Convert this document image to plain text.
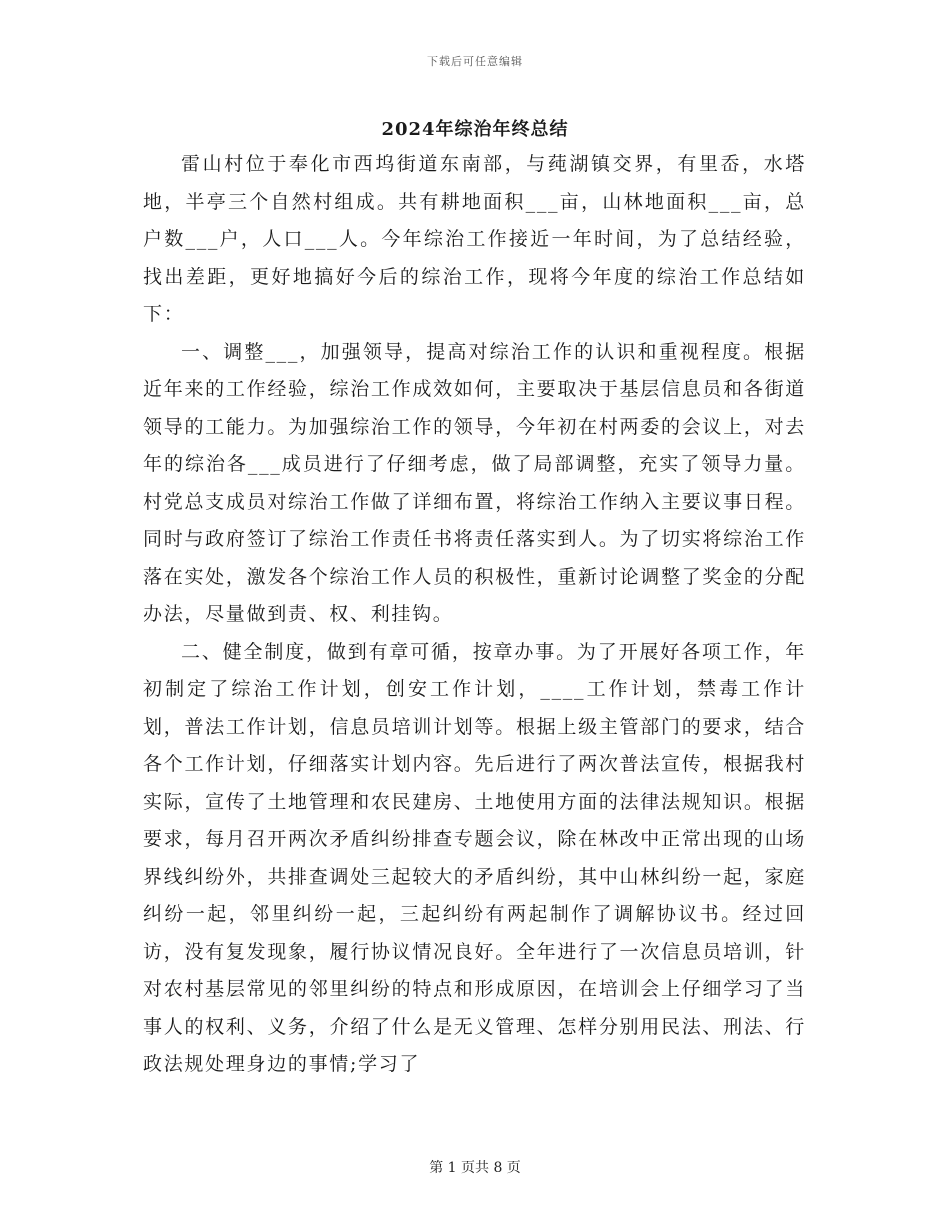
下载后可任意编辑
2024年综治年终总结

雷山村位于奉化市西坞街道东南部，与莼湖镇交界，有里岙，水塔地，半亭三个自然村组成。共有耕地面积___亩，山林地面积___亩，总户数___户，人口___人。今年综治工作接近一年时间，为了总结经验，找出差距，更好地搞好今后的综治工作，现将今年度的综治工作总结如下：

一、调整___，加强领导，提高对综治工作的认识和重视程度。根据近年来的工作经验，综治工作成效如何，主要取决于基层信息员和各街道领导的工能力。为加强综治工作的领导，今年初在村两委的会议上，对去年的综治各___成员进行了仔细考虑，做了局部调整，充实了领导力量。村党总支成员对综治工作做了详细布置，将综治工作纳入主要议事日程。同时与政府签订了综治工作责任书将责任落实到人。为了切实将综治工作落在实处，激发各个综治工作人员的积极性，重新讨论调整了奖金的分配办法，尽量做到责、权、利挂钩。

二、健全制度，做到有章可循，按章办事。为了开展好各项工作，年初制定了综治工作计划，创安工作计划，____工作计划，禁毒工作计划，普法工作计划，信息员培训计划等。根据上级主管部门的要求，结合各个工作计划，仔细落实计划内容。先后进行了两次普法宣传，根据我村实际，宣传了土地管理和农民建房、土地使用方面的法律法规知识。根据要求，每月召开两次矛盾纠纷排查专题会议，除在林改中正常出现的山场界线纠纷外，共排查调处三起较大的矛盾纠纷，其中山林纠纷一起，家庭纠纷一起，邻里纠纷一起，三起纠纷有两起制作了调解协议书。经过回访，没有复发现象，履行协议情况良好。全年进行了一次信息员培训，针对农村基层常见的邻里纠纷的特点和形成原因，在培训会上仔细学习了当事人的权利、义务，介绍了什么是无义管理、怎样分别用民法、刑法、行政法规处理身边的事情;学习了

第 1 页共 8 页
